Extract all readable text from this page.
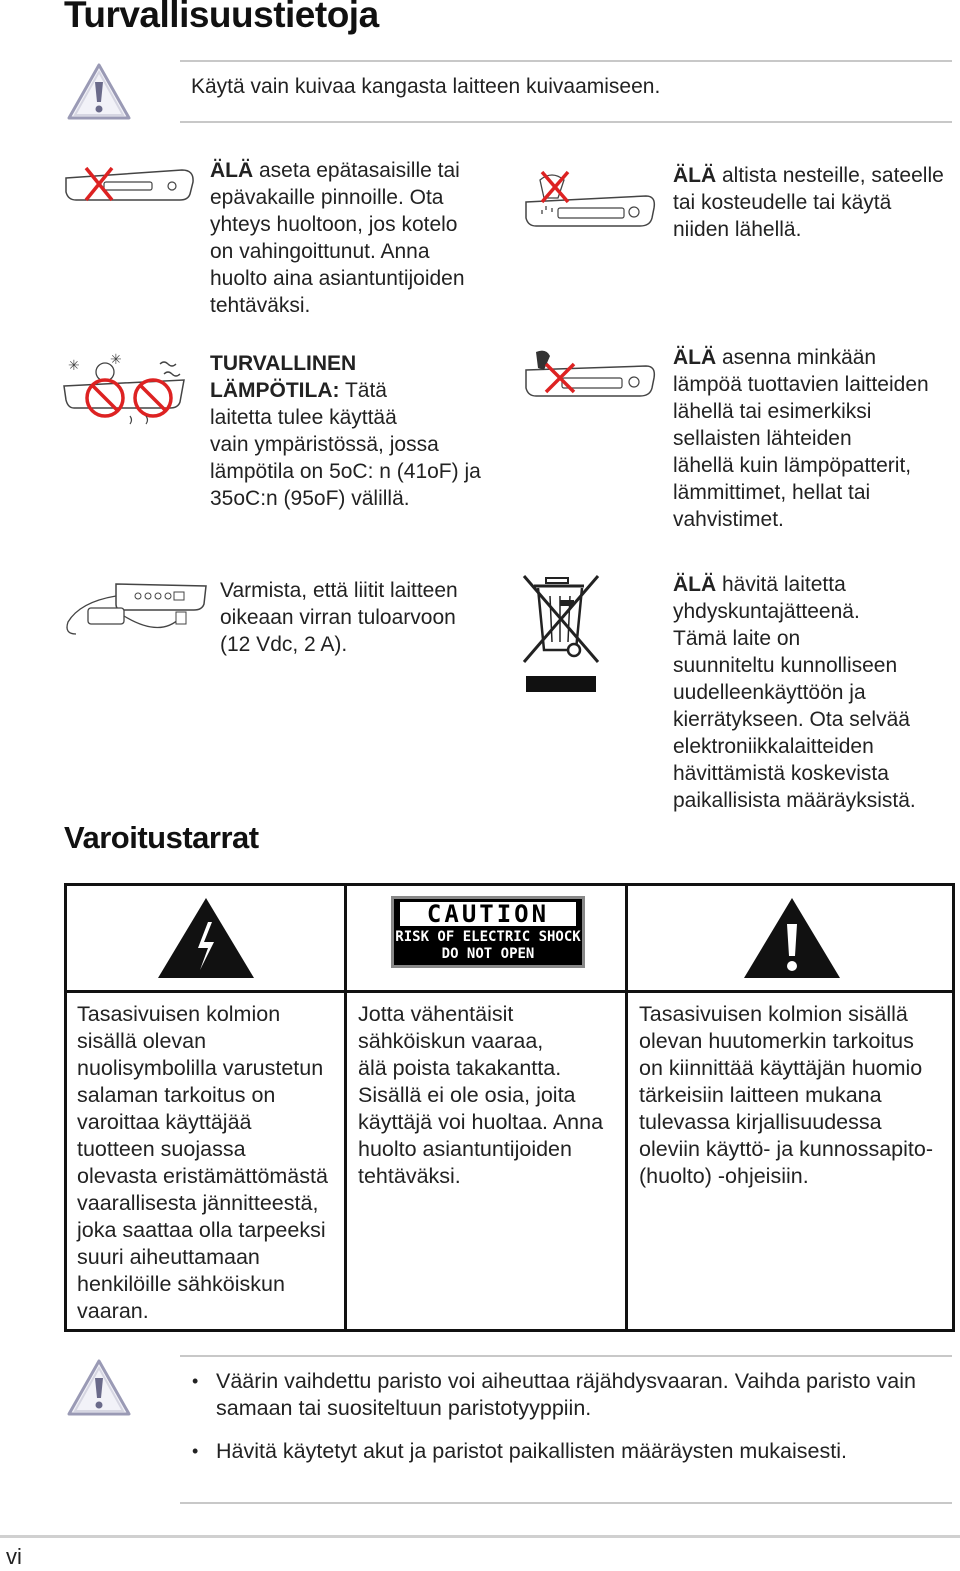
Turvallisuustietoja
Käytä vain kuivaa kangasta laitteen kuivaamiseen.
ÄLÄ aseta epätasaisille tai
epävakaille pinnoille. Ota
yhteys huoltoon, jos kotelo
on vahingoittunut. Anna
huolto aina asiantuntijoiden
tehtäväksi.
✳ ✳	TURVALLINEN
LÄMPÖTILA: Tätä
laitetta tulee käyttää
vain ympäristössä, jossa
lämpötila on 5oC: n (41oF) ja
35oC:n (95oF) välillä.
Varmista, että liitit laitteen
oikeaan virran tuloarvoon
(12 Vdc, 2 A).
ÄLÄ altista nesteille, sateelle
tai kosteudelle tai käytä
niiden lähellä.
ÄLÄ asenna minkään
lämpöä tuottavien laitteiden
lähellä tai esimerkiksi
sellaisten lähteiden
lähellä kuin lämpöpatterit,
lämmittimet, hellat tai
vahvistimet.
ÄLÄ hävitä laitetta
yhdyskuntajätteenä.
Tämä laite on
suunniteltu kunnolliseen
uudelleenkäyttöön ja
kierrätykseen. Ota selvää
elektroniikkalaitteiden
hävittämistä koskevista
paikallisista määräyksistä.
Varoitustarrat
CAUTION
RISK OF ELECTRIC SHOCK
DO NOT OPEN
Tasasivuisen kolmion
sisällä olevan
nuolisymbolilla varustetun
salaman tarkoitus on
varoittaa käyttäjää
tuotteen suojassa
olevasta eristämättömästä
vaarallisesta jännitteestä,
joka saattaa olla tarpeeksi
suuri aiheuttamaan
henkilöille sähköiskun
vaaran.
Jotta vähentäisit
sähköiskun vaaraa,
älä poista takakantta.
Sisällä ei ole osia, joita
käyttäjä voi huoltaa. Anna
huolto asiantuntijoiden
tehtäväksi.
Tasasivuisen kolmion sisällä
olevan huutomerkin tarkoitus
on kiinnittää käyttäjän huomio
tärkeisiin laitteen mukana
tulevassa kirjallisuudessa
oleviin käyttö- ja kunnossapito-
(huolto) -ohjeisiin.
• Väärin vaihdettu paristo voi aiheuttaa räjähdysvaaran. Vaihda paristo vain samaan tai suositeltuun paristotyyppiin.
• Hävitä käytetyt akut ja paristot paikallisten määräysten mukaisesti.
vi
